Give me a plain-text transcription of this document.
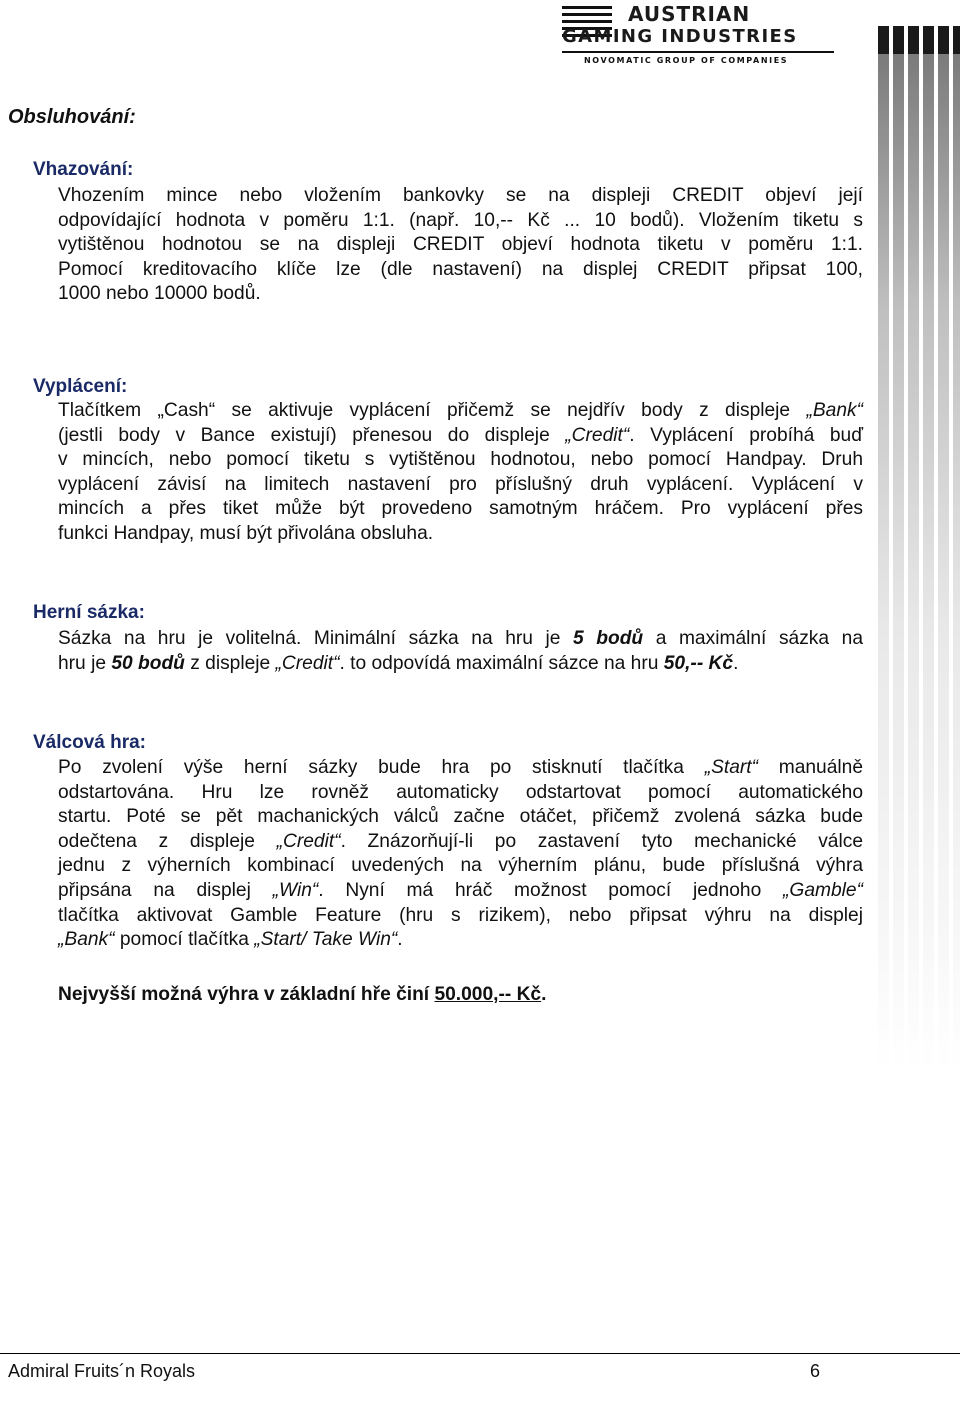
AUSTRIAN
GAMING INDUSTRIES
NOVOMATIC GROUP OF COMPANIES
Obsluhování:
Vhazování:
Vhozením mince nebo vložením bankovky se na displeji CREDIT objeví její
odpovídající hodnota v poměru 1:1. (např. 10,-- Kč ... 10 bodů). Vložením tiketu s
vytištěnou hodnotou se na displeji CREDIT objeví hodnota tiketu v poměru 1:1.
Pomocí kreditovacího klíče lze (dle nastavení) na displej CREDIT připsat 100,
1000 nebo 10000 bodů.
Vyplácení:
Tlačítkem „Cash“ se aktivuje vyplácení přičemž se nejdřív body z displeje „Bank“
(jestli body v Bance existují) přenesou do displeje „Credit“. Vyplácení probíhá buď
v mincích, nebo pomocí tiketu s vytištěnou hodnotou, nebo pomocí Handpay. Druh
vyplácení závisí na limitech nastavení pro příslušný druh vyplácení. Vyplácení v
mincích a přes tiket může být provedeno samotným hráčem. Pro vyplácení přes
funkci Handpay, musí být přivolána obsluha.
Herní sázka:
Sázka na hru je volitelná. Minimální sázka na hru je 5 bodů a maximální sázka na
hru je 50 bodů z displeje „Credit“. to odpovídá maximální sázce na hru 50,-- Kč.
Válcová hra:
Po zvolení výše herní sázky bude hra po stisknutí tlačítka „Start“ manuálně
odstartována. Hru lze rovněž automaticky odstartovat pomocí automatického
startu. Poté se pět machanických válců začne otáčet, přičemž zvolená sázka bude
odečtena z displeje „Credit“. Znázorňují-li po zastavení tyto mechanické válce
jednu z výherních kombinací uvedených na výherním plánu, bude příslušná výhra
připsána na displej „Win“. Nyní má hráč možnost pomocí jednoho „Gamble“
tlačítka aktivovat Gamble Feature (hru s rizikem), nebo připsat výhru na displej
„Bank“ pomocí tlačítka „Start/ Take Win“.
Nejvyšší možná výhra v základní hře činí 50.000,-- Kč.
Admiral Fruits´n Royals	6
